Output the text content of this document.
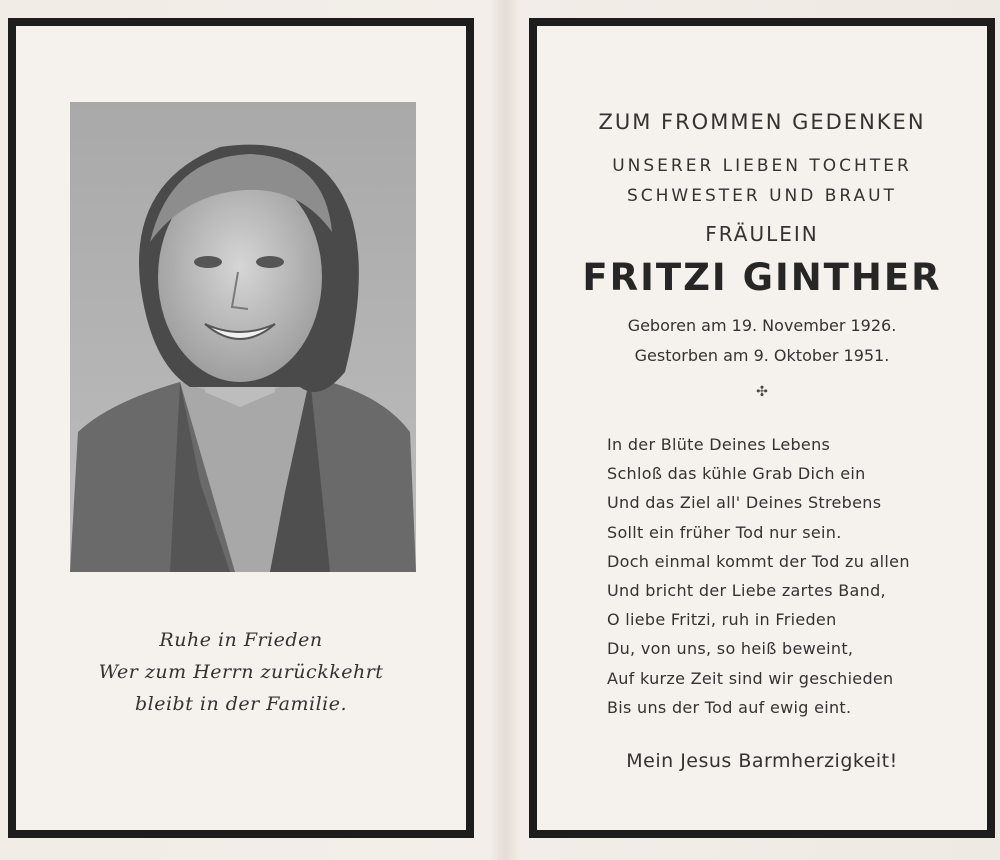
Ruhe in Frieden
Wer zum Herrn zurückkehrt
bleibt in der Familie.
ZUM FROMMEN GEDENKEN
UNSERER LIEBEN TOCHTER
SCHWESTER UND BRAUT
FRÄULEIN
FRITZI GINTHER
Geboren am 19. November 1926.
Gestorben am 9. Oktober 1951.
✣
In der Blüte Deines Lebens
Schloß das kühle Grab Dich ein
Und das Ziel all' Deines Strebens
Sollt ein früher Tod nur sein.
Doch einmal kommt der Tod zu allen
Und bricht der Liebe zartes Band,
O liebe Fritzi, ruh in Frieden
Du, von uns, so heiß beweint,
Auf kurze Zeit sind wir geschieden
Bis uns der Tod auf ewig eint.
Mein Jesus Barmherzigkeit!
